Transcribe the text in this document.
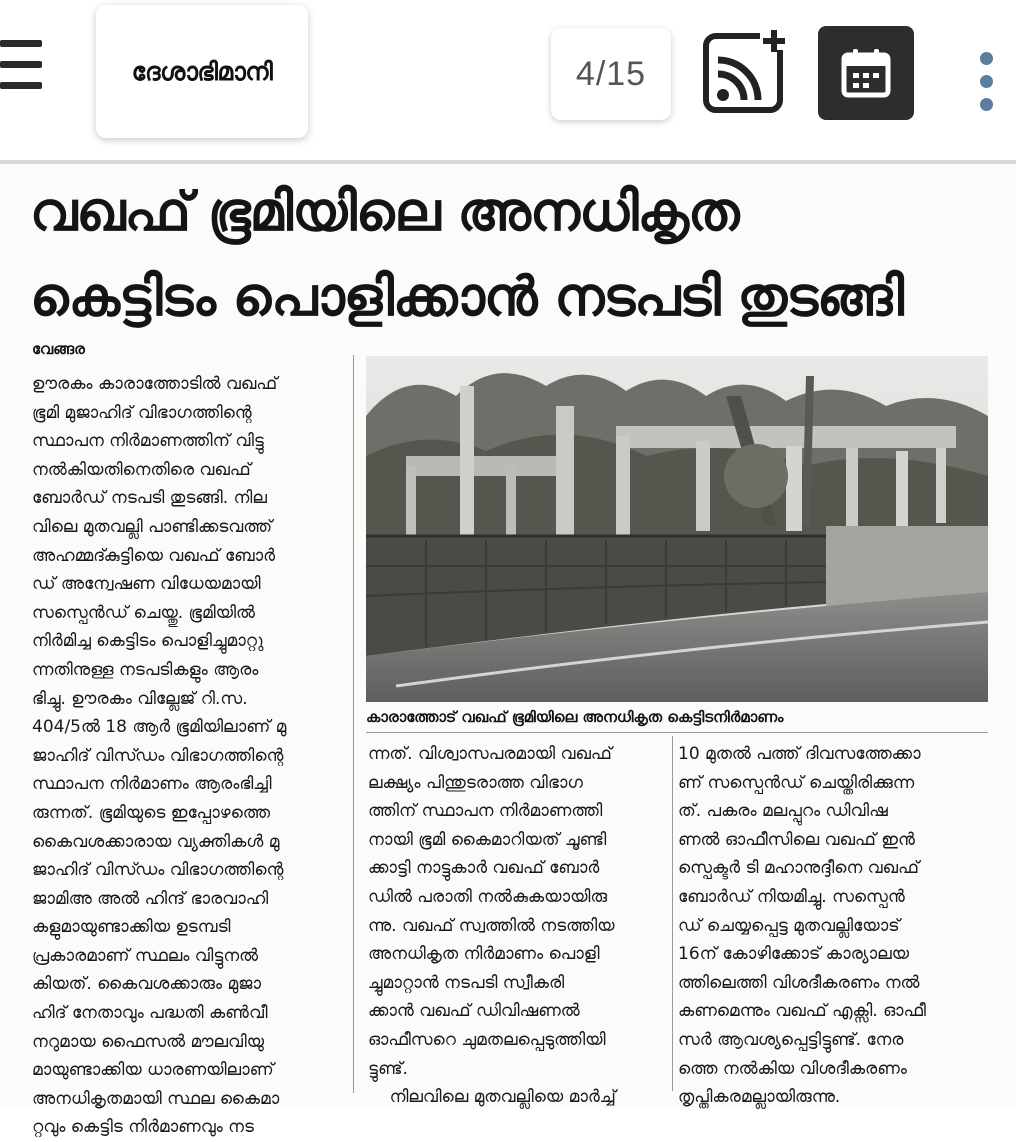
ദേശാഭിമാനി	4/15
വഖഫ് ഭൂമിയിലെ അനധികൃത
കെട്ടിടം പൊളിക്കാൻ നടപടി തുടങ്ങി
വേങ്ങര

ഊരകം കാരാത്തോടിൽ വഖഫ്

ഭൂമി മുജാഹിദ് വിഭാഗത്തിന്റെ

സ്ഥാപന നിർമാണത്തിന് വിട്ടു

നൽകിയതിനെതിരെ വഖഫ്

ബോർഡ് നടപടി തുടങ്ങി. നില

വിലെ മുതവല്ലി പാണ്ടിക്കടവത്ത്

അഹമ്മദ്കുട്ടിയെ വഖഫ് ബോർ

ഡ് അന്വേഷണ വിധേയമായി

സസ്പെൻഡ് ചെയ്തു. ഭൂമിയിൽ

നിർമിച്ച കെട്ടിടം പൊളിച്ചുമാറ്റു

ന്നതിനുള്ള നടപടികളും ആരം

ഭിച്ചു. ഊരകം വില്ലേജ് റി.സ.

404/5ൽ 18 ആർ ഭൂമിയിലാണ് മു

ജാഹിദ് വിസ്ഡം വിഭാഗത്തിന്റെ

സ്ഥാപന നിർമാണം ആരംഭിച്ചി

രുന്നത്. ഭൂമിയുടെ ഇപ്പോഴത്തെ

കൈവശക്കാരായ വ്യക്തികൾ മു

ജാഹിദ് വിസ്ഡം വിഭാഗത്തിന്റെ

ജാമിഅ അൽ ഹിന്ദ് ഭാരവാഹി

കളുമായുണ്ടാക്കിയ ഉടമ്പടി

പ്രകാരമാണ് സ്ഥലം വിട്ടുനൽ

കിയത്. കൈവശക്കാരും മുജാ

ഹിദ് നേതാവും പദ്ധതി കൺവീ

നറുമായ ഫൈസൽ മൗലവിയു

മായുണ്ടാക്കിയ ധാരണയിലാണ്

അനധികൃതമായി സ്ഥല കൈമാ

റ്റവും കെട്ടിട നിർമാണവും നട

കാരാത്തോട് വഖഫ് ഭൂമിയിലെ അനധികൃത കെട്ടിടനിർമാണം

ന്നത്. വിശ്വാസപരമായി വഖഫ്

ലക്ഷ്യം പിന്തുടരാത്ത വിഭാഗ

ത്തിന് സ്ഥാപന നിർമാണത്തി

നായി ഭൂമി കൈമാറിയത് ചൂണ്ടി

ക്കാട്ടി നാട്ടുകാർ വഖഫ് ബോർ

ഡിൽ പരാതി നൽകുകയായിരു

ന്നു. വഖഫ് സ്വത്തിൽ നടത്തിയ

അനധികൃത നിർമാണം പൊളി

ച്ചുമാറ്റാൻ നടപടി സ്വീകരി

ക്കാൻ വഖഫ് ഡിവിഷണൽ

ഓഫീസറെ ചുമതലപ്പെടുത്തിയി

ട്ടുണ്ട്.

നിലവിലെ മുതവല്ലിയെ മാർച്ച്

10 മുതൽ പത്ത് ദിവസത്തേക്കാ

ണ് സസ്പെൻഡ് ചെയ്തിരിക്കുന്ന

ത്. പകരം മലപ്പുറം ഡിവിഷ

ണൽ ഓഫീസിലെ വഖഫ് ഇൻ

സ്പെക്ടർ ടി മഹാനുദ്ദീനെ വഖഫ്

ബോർഡ് നിയമിച്ചു. സസ്പെൻ

ഡ് ചെയ്യപ്പെട്ട മുതവല്ലിയോട്

16ന് കോഴിക്കോട് കാര്യാലയ

ത്തിലെത്തി വിശദീകരണം നൽ

കണമെന്നും വഖഫ് എക്സി. ഓഫീ

സർ ആവശ്യപ്പെട്ടിട്ടുണ്ട്. നേര

ത്തെ നൽകിയ വിശദീകരണം

തൃപ്തികരമല്ലായിരുന്നു.
